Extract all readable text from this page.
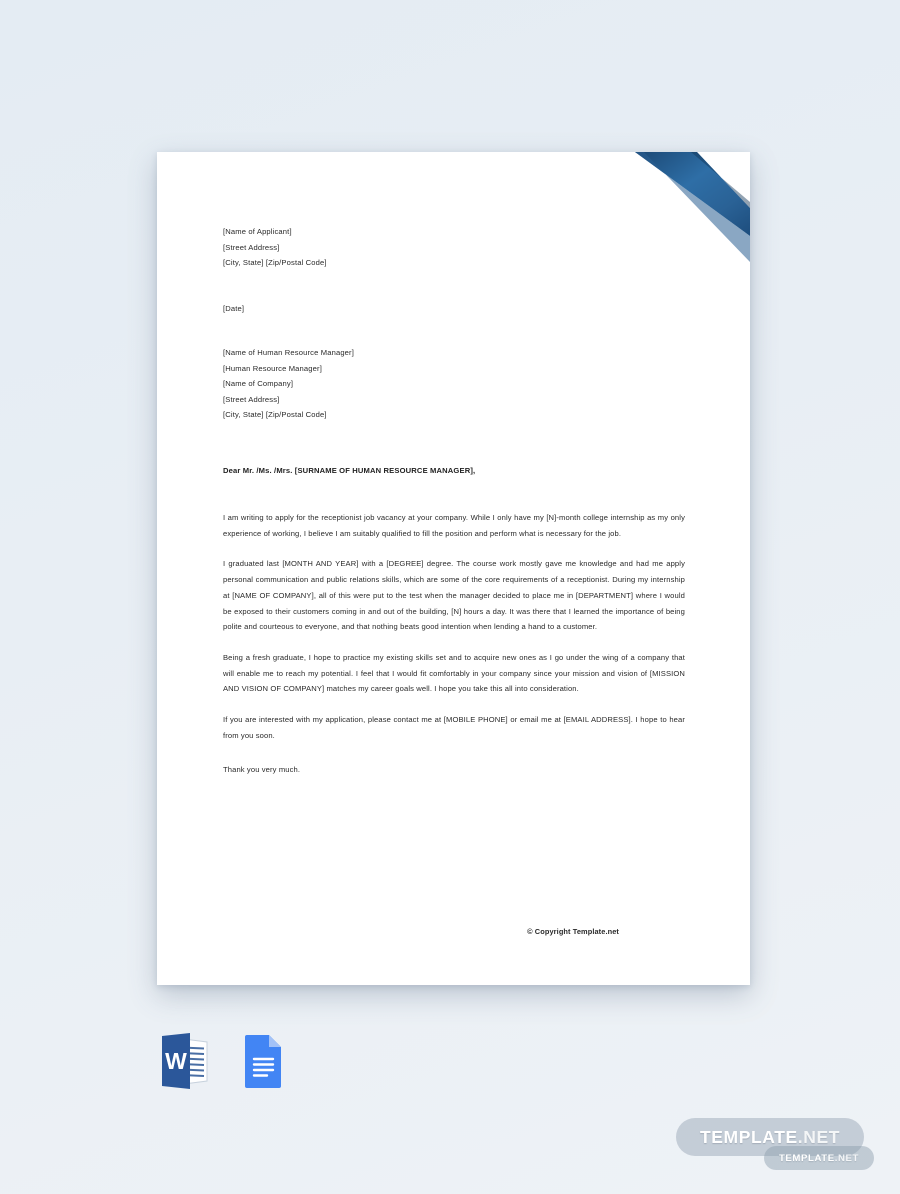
[Name of Applicant]
[Street Address]
[City, State] [Zip/Postal Code]
[Date]
[Name of Human Resource Manager]
[Human Resource Manager]
[Name of Company]
[Street Address]
[City, State] [Zip/Postal Code]
Dear Mr. /Ms. /Mrs. [SURNAME OF HUMAN RESOURCE MANAGER],

I am writing to apply for the receptionist job vacancy at your company. While I only have my [N]-month college internship as my only experience of working, I believe I am suitably qualified to fill the position and perform what is necessary for the job.

I graduated last [MONTH AND YEAR] with a [DEGREE] degree. The course work mostly gave me knowledge and had me apply personal communication and public relations skills, which are some of the core requirements of a receptionist. During my internship at [NAME OF COMPANY], all of this were put to the test when the manager decided to place me in [DEPARTMENT] where I would be exposed to their customers coming in and out of the building, [N] hours a day. It was there that I learned the importance of being polite and courteous to everyone, and that nothing beats good intention when lending a hand to a customer.

Being a fresh graduate, I hope to practice my existing skills set and to acquire new ones as I go under the wing of a company that will enable me to reach my potential. I feel that I would fit comfortably in your company since your mission and vision of [MISSION AND VISION OF COMPANY] matches my career goals well. I hope you take this all into consideration.

If you are interested with my application, please contact me at [MOBILE PHONE] or email me at [EMAIL ADDRESS]. I hope to hear from you soon.

Thank you very much.

© Copyright Template.net
W
TEMPLATE .NET
TEMPLATE .NET
